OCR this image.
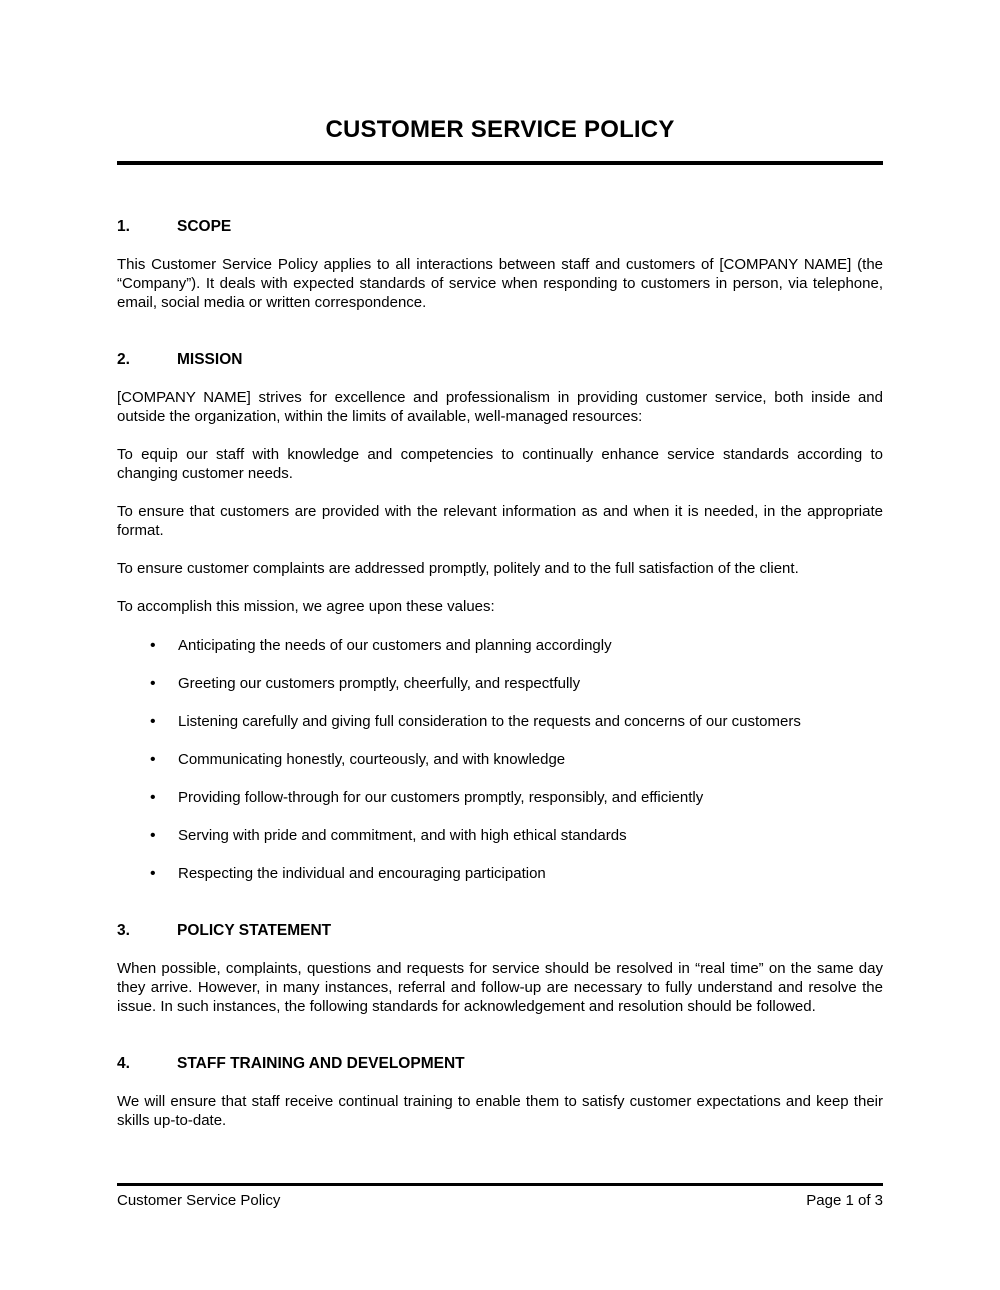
CUSTOMER SERVICE POLICY
1.	SCOPE

This Customer Service Policy applies to all interactions between staff and customers of [COMPANY NAME] (the “Company”). It deals with expected standards of service when responding to customers in person, via telephone, email, social media or written correspondence.

2.	MISSION

[COMPANY NAME] strives for excellence and professionalism in providing customer service, both inside and outside the organization, within the limits of available, well-managed resources:

To equip our staff with knowledge and competencies to continually enhance service standards according to changing customer needs.

To ensure that customers are provided with the relevant information as and when it is needed, in the appropriate format.

To ensure customer complaints are addressed promptly, politely and to the full satisfaction of the client.

To accomplish this mission, we agree upon these values:

• Anticipating the needs of our customers and planning accordingly
• Greeting our customers promptly, cheerfully, and respectfully
• Listening carefully and giving full consideration to the requests and concerns of our customers
• Communicating honestly, courteously, and with knowledge
• Providing follow-through for our customers promptly, responsibly, and efficiently
• Serving with pride and commitment, and with high ethical standards
• Respecting the individual and encouraging participation
3.	POLICY STATEMENT

When possible, complaints, questions and requests for service should be resolved in “real time” on the same day they arrive. However, in many instances, referral and follow-up are necessary to fully understand and resolve the issue. In such instances, the following standards for acknowledgement and resolution should be followed.

4.	STAFF TRAINING AND DEVELOPMENT

We will ensure that staff receive continual training to enable them to satisfy customer expectations and keep their skills up-to-date.

Customer Service Policy	Page 1 of 3
